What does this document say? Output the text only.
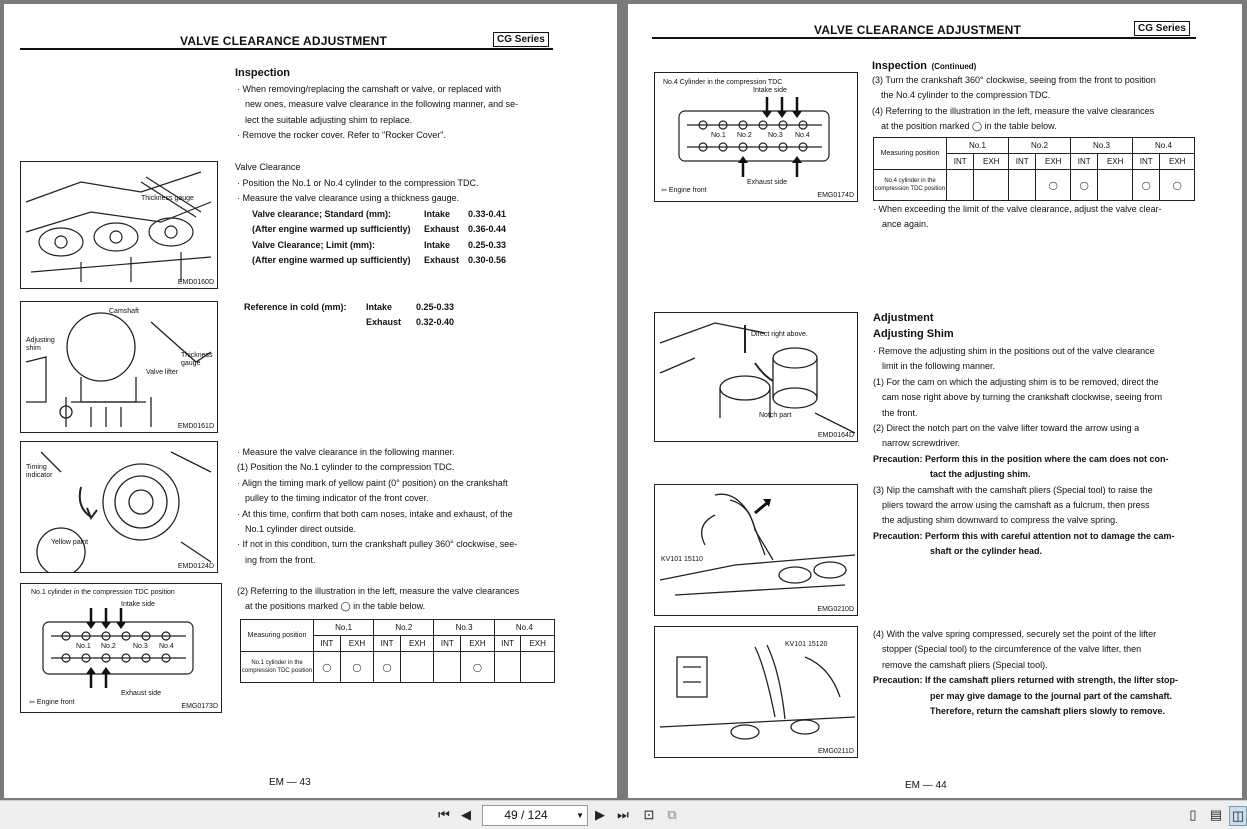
VALVE CLEARANCE ADJUSTMENT	CG Series
Inspection
· When removing/replacing the camshaft or valve, or replaced with
new ones, measure valve clearance in the following manner, and se-
lect the suitable adjusting shim to replace.
· Remove the rocker cover. Refer to "Rocker Cover".
Valve Clearance
· Position the No.1 or No.4 cylinder to the compression TDC.
· Measure the valve clearance using a thickness gauge.
Valve clearance; Standard (mm):	Intake 0.33-0.41
(After engine warmed up sufficiently) Exhaust 0.36-0.44
Valve Clearance; Limit (mm):	Intake 0.25-0.33
(After engine warmed up sufficiently) Exhaust 0.30-0.56
Reference in cold (mm): Intake	0.25-0.33
Exhaust 0.32-0.40
· Measure the valve clearance in the following manner.
(1) Position the No.1 cylinder to the compression TDC.
· Align the timing mark of yellow paint (0° position) on the crankshaft
pulley to the timing indicator of the front cover.
· At this time, confirm that both cam noses, intake and exhaust, of the
No.1 cylinder direct outside.
· If not in this condition, turn the crankshaft pulley 360° clockwise, see-
ing from the front.
(2) Referring to the illustration in the left, measure the valve clearances
at the positions marked ◯ in the table below.
Measuring position	No.1		No.2		No.3		No.4	
	INT	EXH	INT	EXH	INT	EXH	INT	EXH
No.1 cylinder in the compression TDC position	◯	◯	◯			◯		
Thickness gauge
EMD0160D
Camshaft
Adjusting shim
Thickness gauge
Valve lifter
EMD0161D
Timing indicator
Yellow paint
EMD0124D
No.1 cylinder in the compression TDC position
Intake side
No.1 No.2 No.3 No.4
Exhaust side
⇦ Engine front
EMG0173D
EM — 43
VALVE CLEARANCE ADJUSTMENT	CG Series
Inspection (Continued)
(3) Turn the crankshaft 360° clockwise, seeing from the front to position
the No.4 cylinder to the compression TDC.
(4) Referring to the illustration in the left, measure the valve clearances
at the position marked ◯ in the table below.
Measuring position	No.1		No.2		No.3		No.4	
	INT	EXH	INT	EXH	INT	EXH	INT	EXH
No.4 cylinder in the compression TDC position				◯	◯		◯	◯
· When exceeding the limit of the valve clearance, adjust the valve clear-
ance again.
No.4 Cylinder in the compression TDC
Intake side
No.1 No.2 No.3 No.4
Exhaust side
⇦ Engine front
EMG0174D
Adjustment
Adjusting Shim
· Remove the adjusting shim in the positions out of the valve clearance
limit in the following manner.
(1) For the cam on which the adjusting shim is to be removed, direct the
cam nose right above by turning the crankshaft clockwise, seeing from
the front.
(2) Direct the notch part on the valve lifter toward the arrow using a
narrow screwdriver.
Precaution: Perform this in the position where the cam does not con-
tact the adjusting shim.
(3) Nip the camshaft with the camshaft pliers (Special tool) to raise the
pliers toward the arrow using the camshaft as a fulcrum, then press
the adjusting shim downward to compress the valve spring.
Precaution: Perform this with careful attention not to damage the cam-
shaft or the cylinder head.
(4) With the valve spring compressed, securely set the point of the lifter
stopper (Special tool) to the circumference of the valve lifter, then
remove the camshaft pliers (Special tool).
Precaution: If the camshaft pliers returned with strength, the lifter stop-
per may give damage to the journal part of the camshaft.
Therefore, return the camshaft pliers slowly to remove.
Direct right above.
Notch part
EMD0164D
KV101 15110
EMG0210D
KV101 15120
EMG0211D
EM — 44
⏮ ◀	49 / 124	▼ ▶ ⏭ ⊡ ⧉	▯	▤ ◫
